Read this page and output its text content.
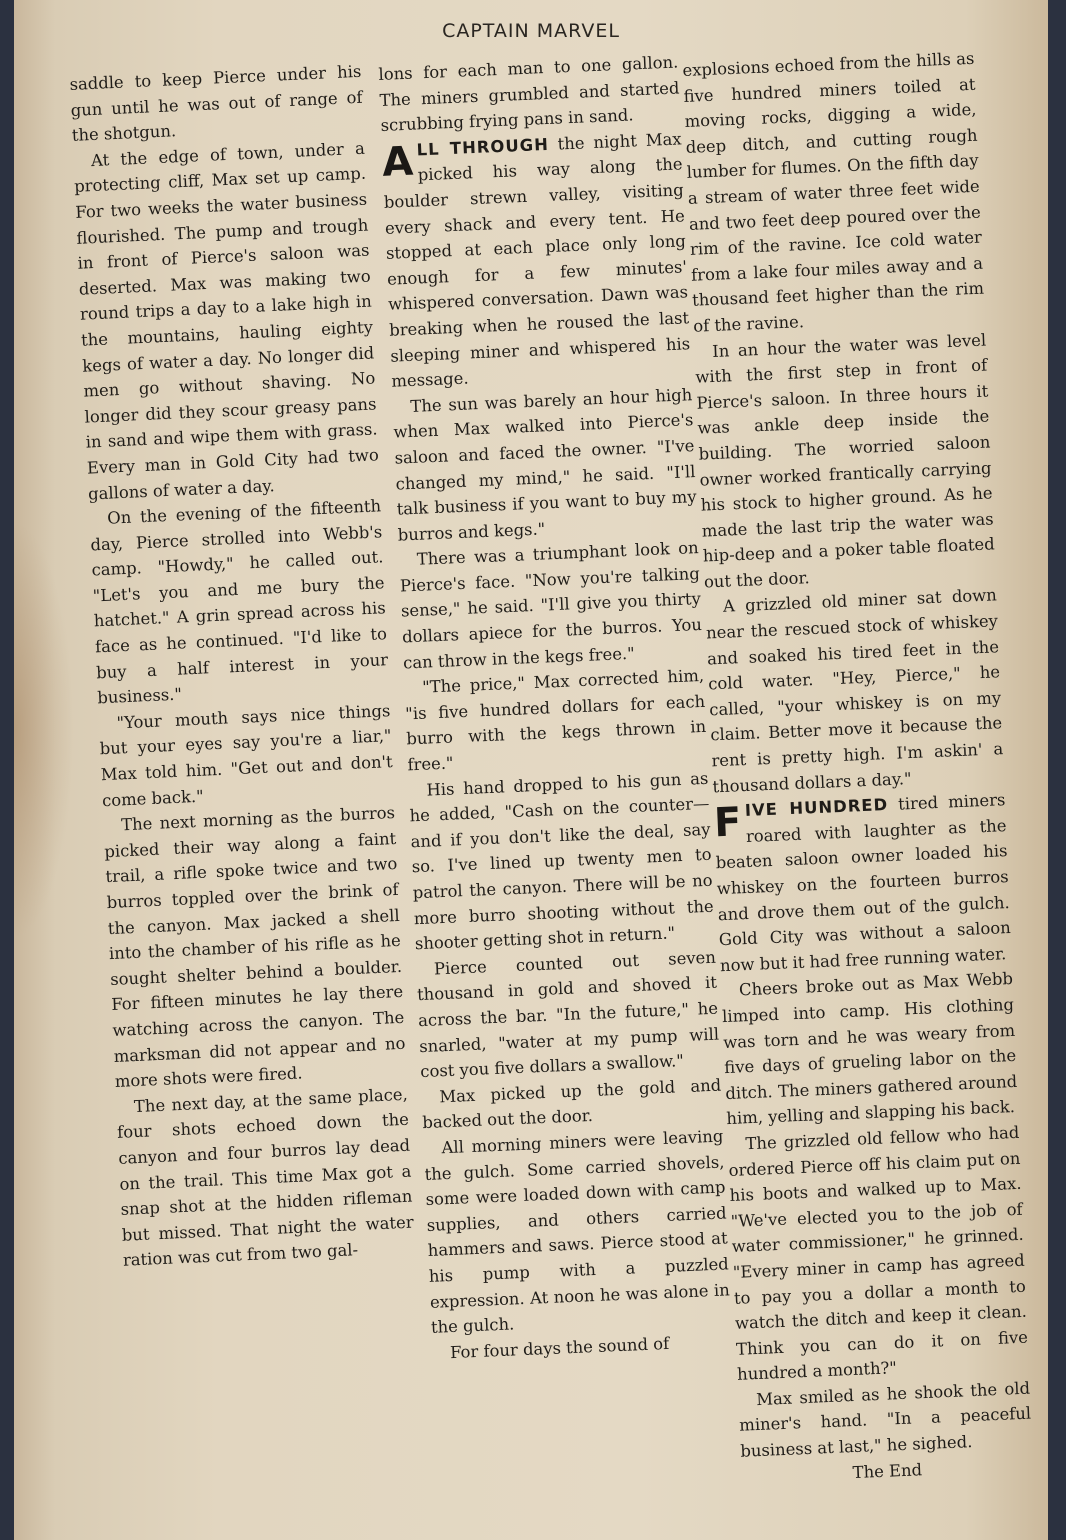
CAPTAIN MARVEL

saddle to keep Pierce under his gun until he was out of range of the shotgun.

At the edge of town, under a protecting cliff, Max set up camp. For two weeks the water business flourished. The pump and trough in front of Pierce's saloon was deserted. Max was making two round trips a day to a lake high in the mountains, hauling eighty kegs of water a day. No longer did men go without shaving. No longer did they scour greasy pans in sand and wipe them with grass. Every man in Gold City had two gallons of water a day.

On the evening of the fifteenth day, Pierce strolled into Webb's camp. "Howdy," he called out. "Let's you and me bury the hatchet." A grin spread across his face as he continued. "I'd like to buy a half interest in your business."

"Your mouth says nice things but your eyes say you're a liar," Max told him. "Get out and don't come back."

The next morning as the burros picked their way along a faint trail, a rifle spoke twice and two burros toppled over the brink of the canyon. Max jacked a shell into the chamber of his rifle as he sought shelter behind a boulder. For fifteen minutes he lay there watching across the canyon. The marksman did not appear and no more shots were fired.

The next day, at the same place, four shots echoed down the canyon and four burros lay dead on the trail. This time Max got a snap shot at the hidden rifleman but missed. That night the water ration was cut from two gal-

lons for each man to one gallon. The miners grumbled and started scrubbing frying pans in sand.

ALL THROUGH the night Max picked his way along the boulder strewn valley, visiting every shack and every tent. He stopped at each place only long enough for a few minutes' whispered conversation. Dawn was breaking when he roused the last sleeping miner and whispered his message.

The sun was barely an hour high when Max walked into Pierce's saloon and faced the owner. "I've changed my mind," he said. "I'll talk business if you want to buy my burros and kegs."

There was a triumphant look on Pierce's face. "Now you're talking sense," he said. "I'll give you thirty dollars apiece for the burros. You can throw in the kegs free."

"The price," Max corrected him, "is five hundred dollars for each burro with the kegs thrown in free."

His hand dropped to his gun as he added, "Cash on the counter—and if you don't like the deal, say so. I've lined up twenty men to patrol the canyon. There will be no more burro shooting without the shooter getting shot in return."

Pierce counted out seven thousand in gold and shoved it across the bar. "In the future," he snarled, "water at my pump will cost you five dollars a swallow."

Max picked up the gold and backed out the door.

All morning miners were leaving the gulch. Some carried shovels, some were loaded down with camp supplies, and others carried hammers and saws. Pierce stood at his pump with a puzzled expression. At noon he was alone in the gulch.

For four days the sound of

explosions echoed from the hills as five hundred miners toiled at moving rocks, digging a wide, deep ditch, and cutting rough lumber for flumes. On the fifth day a stream of water three feet wide and two feet deep poured over the rim of the ravine. Ice cold water from a lake four miles away and a thousand feet higher than the rim of the ravine.

In an hour the water was level with the first step in front of Pierce's saloon. In three hours it was ankle deep inside the building. The worried saloon owner worked frantically carrying his stock to higher ground. As he made the last trip the water was hip-deep and a poker table floated out the door.

A grizzled old miner sat down near the rescued stock of whiskey and soaked his tired feet in the cold water. "Hey, Pierce," he called, "your whiskey is on my claim. Better move it because the rent is pretty high. I'm askin' a thousand dollars a day."

FIVE HUNDRED tired miners roared with laughter as the beaten saloon owner loaded his whiskey on the fourteen burros and drove them out of the gulch. Gold City was without a saloon now but it had free running water.

Cheers broke out as Max Webb limped into camp. His clothing was torn and he was weary from five days of grueling labor on the ditch. The miners gathered around him, yelling and slapping his back.

The grizzled old fellow who had ordered Pierce off his claim put on his boots and walked up to Max. "We've elected you to the job of water commissioner," he grinned. "Every miner in camp has agreed to pay you a dollar a month to watch the ditch and keep it clean. Think you can do it on five hundred a month?"

Max smiled as he shook the old miner's hand. "In a peaceful business at last," he sighed.

The End
